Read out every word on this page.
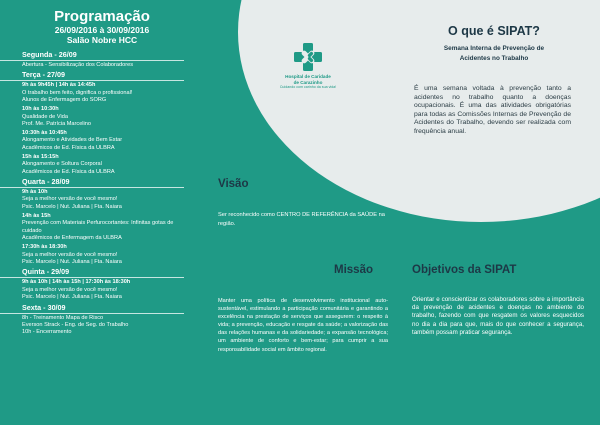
Programação
26/09/2016 à 30/09/2016
Salão Nobre HCC
Segunda - 26/09
Abertura - Sensibilização dos Colaboradores
Terça - 27/09
9h às 9h45h | 14h às 14:45h
O trabalho bem feito, dignifica o profissional!
Alunos de Enfermagem do SORG
10h às 10:30h
Qualidade de Vida
Prof. Me. Patrícia Marcelino
10:30h às 10:45h
Alongamento e Atividades de Bem Estar
Acadêmicos de Ed. Física da ULBRA
15h às 15:15h
Alongamento e Soltura Corporal
Acadêmicos de Ed. Física da ULBRA
Quarta - 28/09
9h às 10h
Seja a melhor versão de você mesmo!
Psic. Marcelo | Nut. Juliana | Fta. Naiara
14h às 15h
Prevenção com Materiais Perfurocortantes: Infinitas gotas de cuidado
Acadêmicos de Enfermagem da ULBRA
17:30h às 18:30h
Seja a melhor versão de você mesmo!
Psic. Marcelo | Nut. Juliana | Fta. Naiara
Quinta - 29/09
9h às 10h | 14h às 15h | 17:30h às 18:30h
Seja a melhor versão de você mesmo!
Psic. Marcelo | Nut. Juliana | Fta. Naiara
Sexta - 30/09
8h - Treinamento Mapa de Risco
Everson Strack - Eng. de Seg. do Trabalho
10h - Encerramento
Hospital de Caridade
de Carazinho
Cuidando com carinho da sua vida!
O que é SIPAT?
Semana Interna de Prevenção de
Acidentes no Trabalho
É uma semana voltada à prevenção tanto a acidentes no trabalho quanto a doenças ocupacionais. É uma das atividades obrigatórias para todas as Comissões Internas de Prevenção de Acidentes do Trabalho, devendo ser realizada com frequência anual.
Visão
Ser reconhecido como CENTRO DE REFERÊNCIA da SAÚDE na região.
Missão
Manter uma política de desenvolvimento institucional auto-sustentável, estimulando a participação comunitária e garantindo a excelência na prestação de serviços que assegurem: o respeito à vida; a prevenção, educação e resgate da saúde; a valorização das das relações humanas e da solidariedade; a expansão tecnológica; um ambiente de conforto e bem-estar; para cumprir a sua responsabilidade social em âmbito regional.
Objetivos da SIPAT
Orientar e conscientizar os colaboradores sobre a importância da prevenção de acidentes e doenças no ambiente do trabalho, fazendo com que resgatem os valores esquecidos no dia a dia para que, mais do que conhecer a segurança, também possam praticar segurança.
